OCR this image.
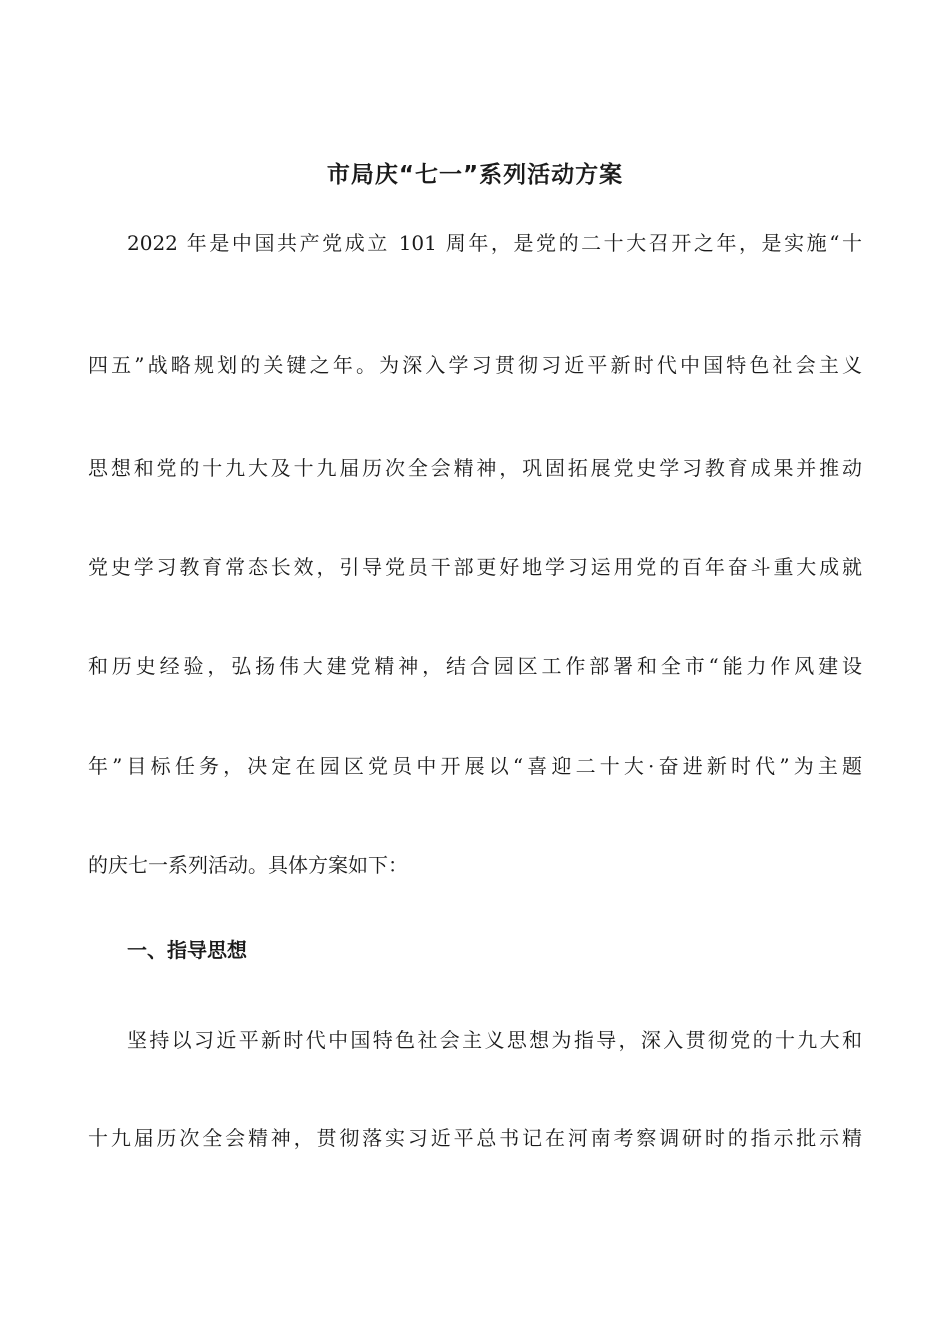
市局庆“七一”系列活动方案
2022 年是中国共产党成立 101 周年，是党的二十大召开之年，是实施“十
四五”战略规划的关键之年。为深入学习贯彻习近平新时代中国特色社会主义
思想和党的十九大及十九届历次全会精神，巩固拓展党史学习教育成果并推动
党史学习教育常态长效，引导党员干部更好地学习运用党的百年奋斗重大成就
和历史经验，弘扬伟大建党精神，结合园区工作部署和全市“能力作风建设
年”目标任务，决定在园区党员中开展以“喜迎二十大·奋进新时代”为主题
的庆七一系列活动。具体方案如下：
一、指导思想
坚持以习近平新时代中国特色社会主义思想为指导，深入贯彻党的十九大和
十九届历次全会精神，贯彻落实习近平总书记在河南考察调研时的指示批示精
